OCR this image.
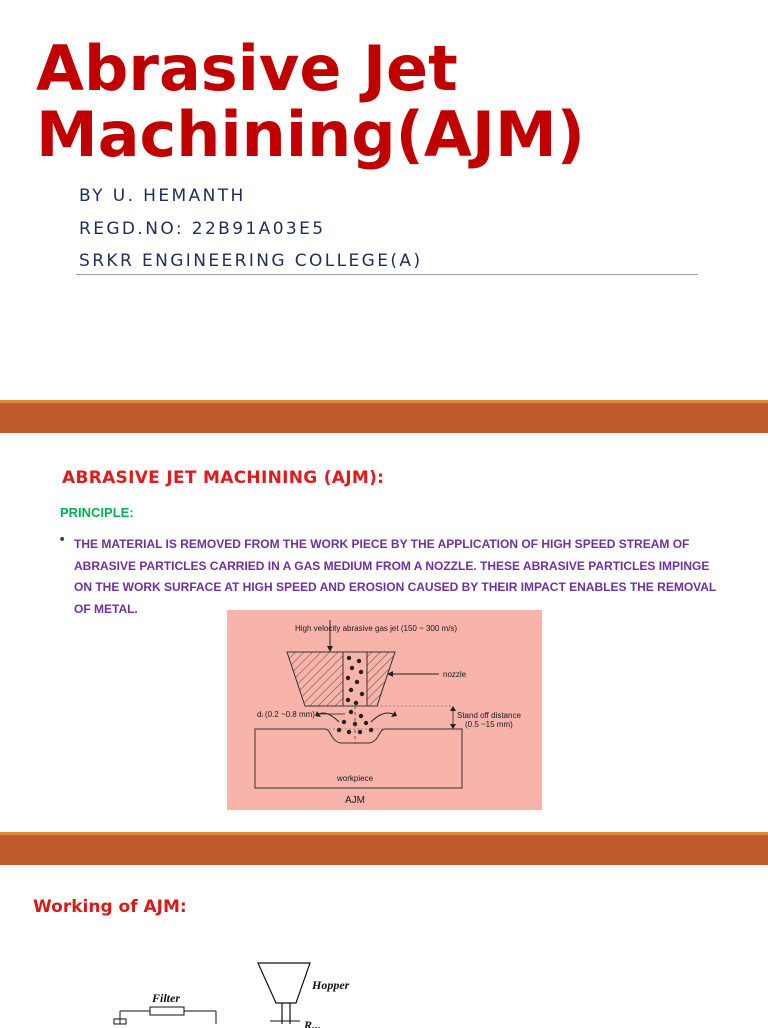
Abrasive Jet
Machining(AJM)
BY U. HEMANTH
REGD.NO: 22B91A03E5
SRKR ENGINEERING COLLEGE(A)
ABRASIVE JET MACHINING (AJM):
PRINCIPLE:
• THE MATERIAL IS REMOVED FROM THE WORK PIECE BY THE APPLICATION OF HIGH SPEED STREAM OF ABRASIVE PARTICLES CARRIED IN A GAS MEDIUM FROM A NOZZLE. THESE ABRASIVE PARTICLES IMPINGE ON THE WORK SURFACE AT HIGH SPEED AND EROSION CAUSED BY THEIR IMPACT ENABLES THE REMOVAL OF METAL.

High velocity abrasive gas jet (150 ~ 300 m/s)
nozzle
dᵢ (0.2 ~0.8 mm)	Stand off distance
(0.5 ~15 mm)
workpiece
AJM
Working of AJM:
Filter
Hopper
R...
